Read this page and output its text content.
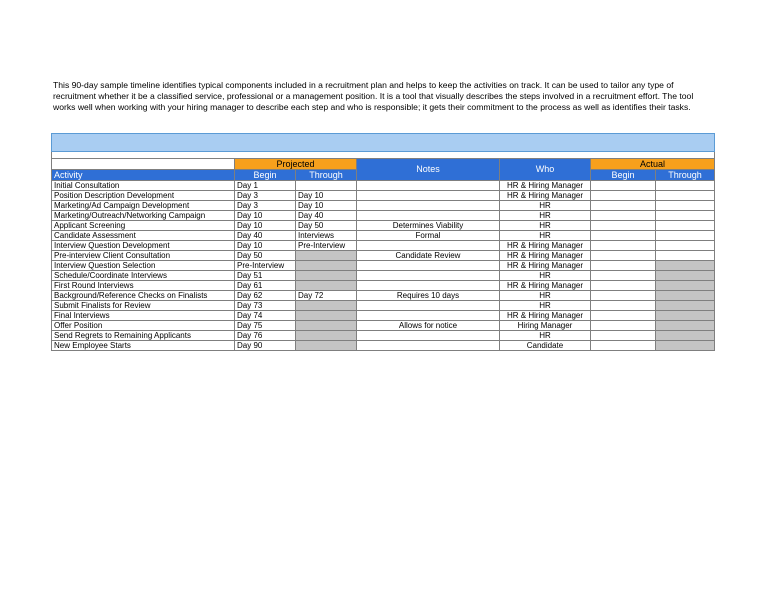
This 90-day sample timeline identifies typical components included in a recruitment plan and helps to keep the activities on track. It can be used to tailor any type of recruitment whether it be a classified service, professional or a management position. It is a tool that visually describes the steps involved in a recruitment effort. The tool works well when working with your hiring manager to describe each step and who is responsible; it gets their commitment to the process as well as identifies their tasks.

	Projected		Notes	Who	Actual	
Activity	Begin	Through			Begin	Through
Initial Consultation	Day 1			HR & Hiring Manager		
Position Description Development	Day 3	Day 10		HR & Hiring Manager		
Marketing/Ad Campaign Development	Day 3	Day 10		HR		
Marketing/Outreach/Networking Campaign	Day 10	Day 40		HR		
Applicant Screening	Day 10	Day 50	Determines Viability	HR		
Candidate Assessment	Day 40	Interviews	Formal	HR		
Interview Question Development	Day 10	Pre-Interview		HR & Hiring Manager		
Pre-interview Client Consultation	Day 50		Candidate Review	HR & Hiring Manager		
Interview Question Selection	Pre-Interview			HR & Hiring Manager		
Schedule/Coordinate Interviews	Day 51			HR		
First Round Interviews	Day 61			HR & Hiring Manager		
Background/Reference Checks on Finalists	Day 62	Day 72	Requires 10 days	HR		
Submit Finalists for Review	Day 73			HR		
Final Interviews	Day 74			HR & Hiring Manager		
Offer Position	Day 75		Allows for notice	Hiring Manager		
Send Regrets to Remaining Applicants	Day 76			HR		
New Employee Starts	Day 90			Candidate		
